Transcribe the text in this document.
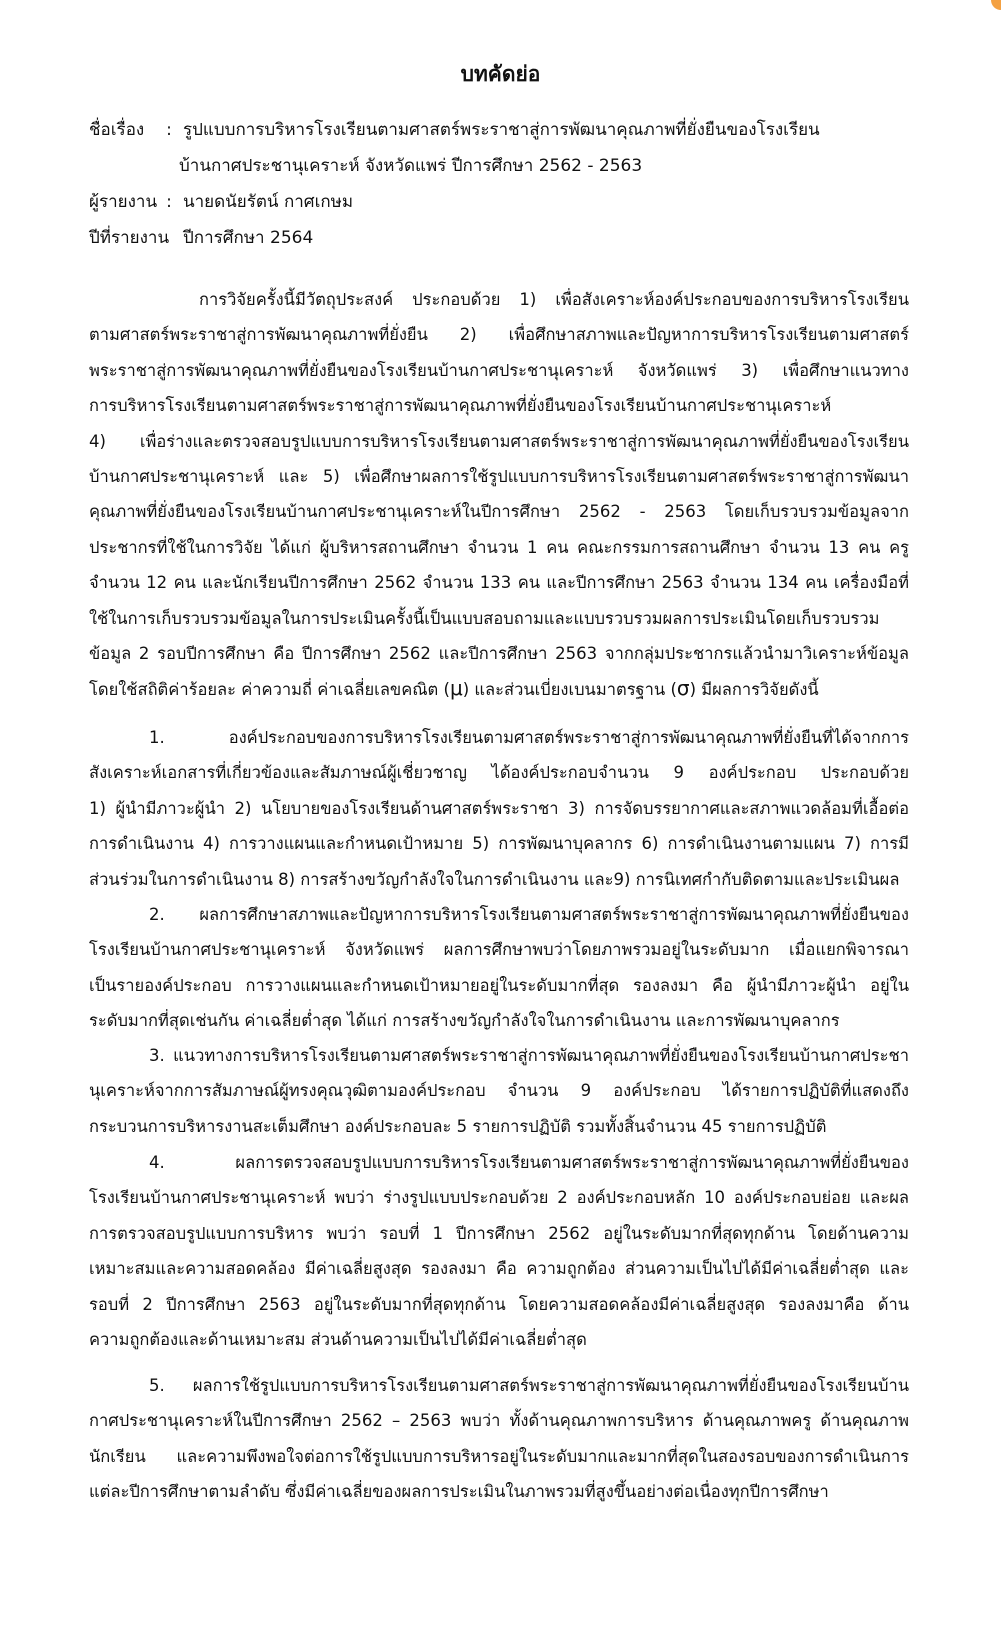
บทคัดย่อ
ชื่อเรื่อง : รูปแบบการบริหารโรงเรียนตามศาสตร์พระราชาสู่การพัฒนาคุณภาพที่ยั่งยืนของโรงเรียน
บ้านกาศประชานุเคราะห์ จังหวัดแพร่ ปีการศึกษา 2562 - 2563
ผู้รายงาน : นายดนัยรัตน์ กาศเกษม
ปีที่รายงาน ปีการศึกษา 2564
การวิจัยครั้งนี้มีวัตถุประสงค์ ประกอบด้วย 1) เพื่อสังเคราะห์องค์ประกอบของการบริหารโรงเรียน
ตามศาสตร์พระราชาสู่การพัฒนาคุณภาพที่ยั่งยืน 2) เพื่อศึกษาสภาพและปัญหาการบริหารโรงเรียนตามศาสตร์
พระราชาสู่การพัฒนาคุณภาพที่ยั่งยืนของโรงเรียนบ้านกาศประชานุเคราะห์ จังหวัดแพร่ 3) เพื่อศึกษาแนวทาง
การบริหารโรงเรียนตามศาสตร์พระราชาสู่การพัฒนาคุณภาพที่ยั่งยืนของโรงเรียนบ้านกาศประชานุเคราะห์
4) เพื่อร่างและตรวจสอบรูปแบบการบริหารโรงเรียนตามศาสตร์พระราชาสู่การพัฒนาคุณภาพที่ยั่งยืนของโรงเรียน
บ้านกาศประชานุเคราะห์ และ 5) เพื่อศึกษาผลการใช้รูปแบบการบริหารโรงเรียนตามศาสตร์พระราชาสู่การพัฒนา
คุณภาพที่ยั่งยืนของโรงเรียนบ้านกาศประชานุเคราะห์ในปีการศึกษา 2562 - 2563 โดยเก็บรวบรวมข้อมูลจาก
ประชากรที่ใช้ในการวิจัย ได้แก่ ผู้บริหารสถานศึกษา จำนวน 1 คน คณะกรรมการสถานศึกษา จำนวน 13 คน ครู
จำนวน 12 คน และนักเรียนปีการศึกษา 2562 จำนวน 133 คน และปีการศึกษา 2563 จำนวน 134 คน เครื่องมือที่
ใช้ในการเก็บรวบรวมข้อมูลในการประเมินครั้งนี้เป็นแบบสอบถามและแบบรวบรวมผลการประเมินโดยเก็บรวบรวม
ข้อมูล 2 รอบปีการศึกษา คือ ปีการศึกษา 2562 และปีการศึกษา 2563 จากกลุ่มประชากรแล้วนำมาวิเคราะห์ข้อมูล
โดยใช้สถิติค่าร้อยละ ค่าความถี่ ค่าเฉลี่ยเลขคณิต (μ) และส่วนเบี่ยงเบนมาตรฐาน (σ) มีผลการวิจัยดังนี้
1. องค์ประกอบของการบริหารโรงเรียนตามศาสตร์พระราชาสู่การพัฒนาคุณภาพที่ยั่งยืนที่ได้จากการ
สังเคราะห์เอกสารที่เกี่ยวข้องและสัมภาษณ์ผู้เชี่ยวชาญ ได้องค์ประกอบจำนวน 9 องค์ประกอบ ประกอบด้วย
1) ผู้นำมีภาวะผู้นำ 2) นโยบายของโรงเรียนด้านศาสตร์พระราชา 3) การจัดบรรยากาศและสภาพแวดล้อมที่เอื้อต่อ
การดำเนินงาน 4) การวางแผนและกำหนดเป้าหมาย 5) การพัฒนาบุคลากร 6) การดำเนินงานตามแผน 7) การมี
ส่วนร่วมในการดำเนินงาน 8) การสร้างขวัญกำลังใจในการดำเนินงาน และ9) การนิเทศกำกับติดตามและประเมินผล
2. ผลการศึกษาสภาพและปัญหาการบริหารโรงเรียนตามศาสตร์พระราชาสู่การพัฒนาคุณภาพที่ยั่งยืนของ
โรงเรียนบ้านกาศประชานุเคราะห์ จังหวัดแพร่ ผลการศึกษาพบว่าโดยภาพรวมอยู่ในระดับมาก เมื่อแยกพิจารณา
เป็นรายองค์ประกอบ การวางแผนและกำหนดเป้าหมายอยู่ในระดับมากที่สุด รองลงมา คือ ผู้นำมีภาวะผู้นำ อยู่ใน
ระดับมากที่สุดเช่นกัน ค่าเฉลี่ยต่ำสุด ได้แก่ การสร้างขวัญกำลังใจในการดำเนินงาน และการพัฒนาบุคลากร
3. แนวทางการบริหารโรงเรียนตามศาสตร์พระราชาสู่การพัฒนาคุณภาพที่ยั่งยืนของโรงเรียนบ้านกาศประชา
นุเคราะห์จากการสัมภาษณ์ผู้ทรงคุณวุฒิตามองค์ประกอบ จำนวน 9 องค์ประกอบ ได้รายการปฏิบัติที่แสดงถึง
กระบวนการบริหารงานสะเต็มศึกษา องค์ประกอบละ 5 รายการปฏิบัติ รวมทั้งสิ้นจำนวน 45 รายการปฏิบัติ
4. ผลการตรวจสอบรูปแบบการบริหารโรงเรียนตามศาสตร์พระราชาสู่การพัฒนาคุณภาพที่ยั่งยืนของ
โรงเรียนบ้านกาศประชานุเคราะห์ พบว่า ร่างรูปแบบประกอบด้วย 2 องค์ประกอบหลัก 10 องค์ประกอบย่อย และผล
การตรวจสอบรูปแบบการบริหาร พบว่า รอบที่ 1 ปีการศึกษา 2562 อยู่ในระดับมากที่สุดทุกด้าน โดยด้านความ
เหมาะสมและความสอดคล้อง มีค่าเฉลี่ยสูงสุด รองลงมา คือ ความถูกต้อง ส่วนความเป็นไปได้มีค่าเฉลี่ยต่ำสุด และ
รอบที่ 2 ปีการศึกษา 2563 อยู่ในระดับมากที่สุดทุกด้าน โดยความสอดคล้องมีค่าเฉลี่ยสูงสุด รองลงมาคือ ด้าน
ความถูกต้องและด้านเหมาะสม ส่วนด้านความเป็นไปได้มีค่าเฉลี่ยต่ำสุด
5. ผลการใช้รูปแบบการบริหารโรงเรียนตามศาสตร์พระราชาสู่การพัฒนาคุณภาพที่ยั่งยืนของโรงเรียนบ้าน
กาศประชานุเคราะห์ในปีการศึกษา 2562 – 2563 พบว่า ทั้งด้านคุณภาพการบริหาร ด้านคุณภาพครู ด้านคุณภาพ
นักเรียน และความพึงพอใจต่อการใช้รูปแบบการบริหารอยู่ในระดับมากและมากที่สุดในสองรอบของการดำเนินการ
แต่ละปีการศึกษาตามลำดับ ซึ่งมีค่าเฉลี่ยของผลการประเมินในภาพรวมที่สูงขึ้นอย่างต่อเนื่องทุกปีการศึกษา
